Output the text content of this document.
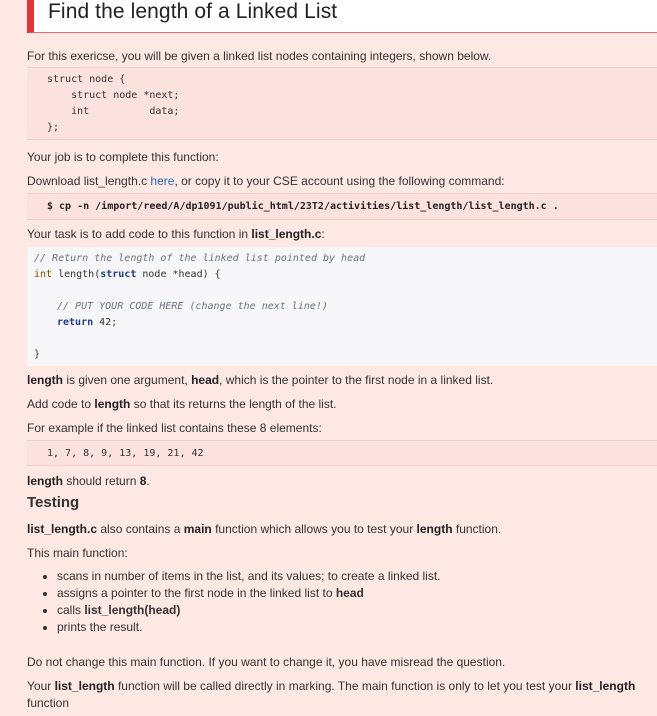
Find the length of a Linked List
For this exericse, you will be given a linked list nodes containing integers, shown below.

struct node {

struct node *next;

int          data;

};

Your job is to complete this function:
Download list_length.c here, or copy it to your CSE account using the following command:

$ cp -n /import/reed/A/dp1091/public_html/23T2/activities/list_length/list_length.c .

Your task is to add code to this function in list_length.c:

// Return the length of the linked list pointed by head

int length(struct node *head) {

// PUT YOUR CODE HERE (change the next line!)

return 42;

}

length is given one argument, head, which is the pointer to the first node in a linked list.
Add code to length so that its returns the length of the list.
For example if the linked list contains these 8 elements:

1, 7, 8, 9, 13, 19, 21, 42

length should return 8.
Testing
list_length.c also contains a main function which allows you to test your length function.
This main function:
• scans in number of items in the list, and its values; to create a linked list.
• assigns a pointer to the first node in the linked list to head
• calls list_length(head)
• prints the result.
Do not change this main function. If you want to change it, you have misread the question.
Your list_length function will be called directly in marking. The main function is only to let you test your list_length
function
